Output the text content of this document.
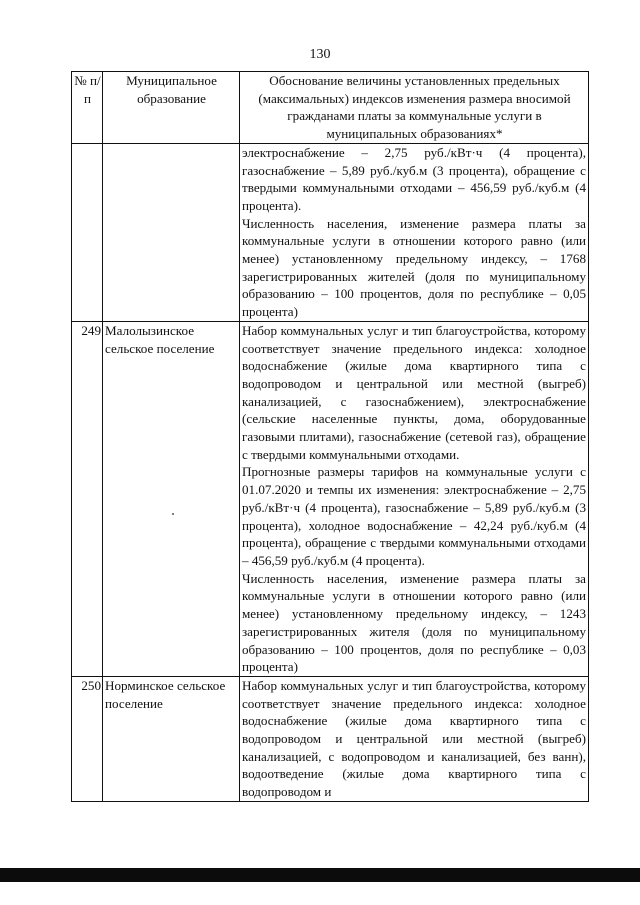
130
№ п/п	Муниципальное образование	Обоснование величины установленных предельных (максимальных) индексов изменения размера вносимой гражданами платы за коммунальные услуги в муниципальных образованиях*

		электроснабжение – 2,75 руб./кВт·ч (4 процента), газоснабжение – 5,89 руб./куб.м (3 процента), обращение с твердыми коммунальными отходами – 456,59 руб./куб.м (4 процента).
Численность населения, изменение размера платы за коммунальные услуги в отношении которого равно (или менее) установленному предельному индексу, – 1768 зарегистрированных жителей (доля по муниципальному образованию – 100 процентов, доля по республике – 0,05 процента)

249	Малолызинское сельское поселение	Набор коммунальных услуг и тип благоустройства, которому соответствует значение предельного индекса: холодное водоснабжение (жилые дома квартирного типа с водопроводом и центральной или местной (выгреб) канализацией, с газоснабжением), электроснабжение (сельские населенные пункты, дома, оборудованные газовыми плитами), газоснабжение (сетевой газ), обращение с твердыми коммунальными отходами.
Прогнозные размеры тарифов на коммунальные услуги с 01.07.2020 и темпы их изменения: электроснабжение – 2,75 руб./кВт·ч (4 процента), газоснабжение – 5,89 руб./куб.м (3 процента), холодное водоснабжение – 42,24 руб./куб.м (4 процента), обращение с твердыми коммунальными отходами – 456,59 руб./куб.м (4 процента).
Численность населения, изменение размера платы за коммунальные услуги в отношении которого равно (или менее) установленному предельному индексу, – 1243 зарегистрированных жителя (доля по муниципальному образованию – 100 процентов, доля по республике – 0,03 процента)

250	Норминское сельское поселение	Набор коммунальных услуг и тип благоустройства, которому соответствует значение предельного индекса: холодное водоснабжение (жилые дома квартирного типа с водопроводом и центральной или местной (выгреб) канализацией, с водопроводом и канализацией, без ванн), водоотведение (жилые дома квартирного типа с водопроводом и
